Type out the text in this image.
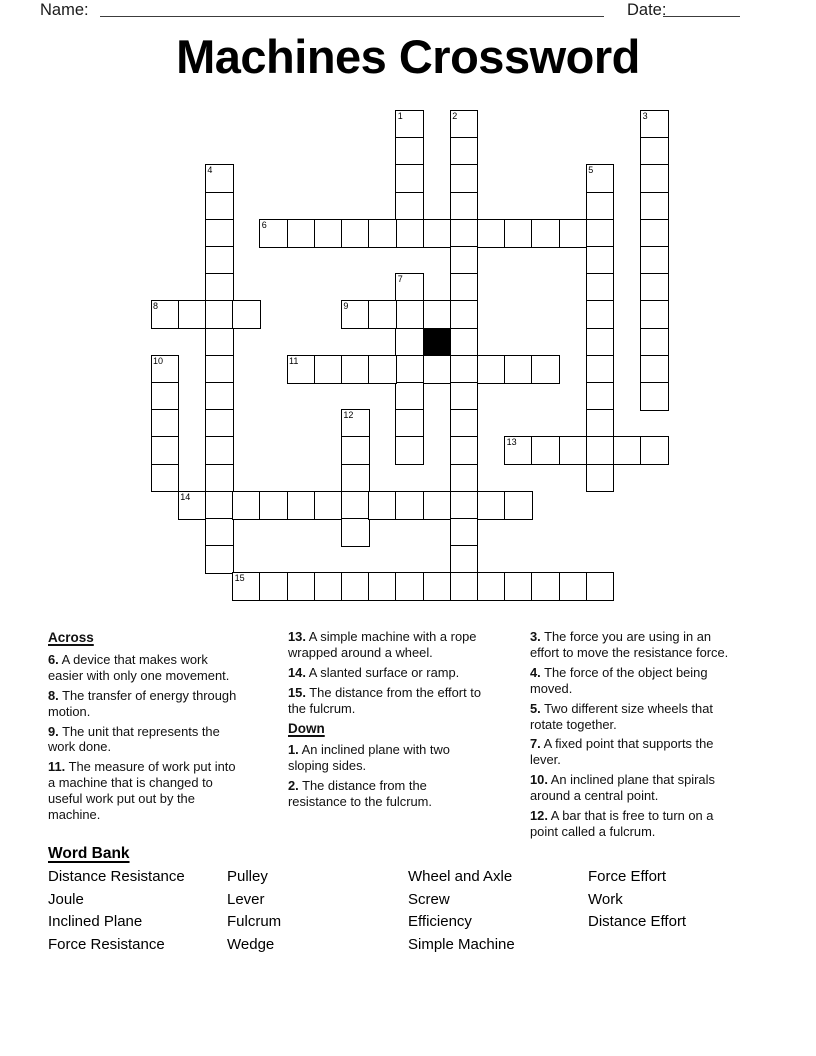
Name:	Date:
Machines Crossword
1	2	3
4	5
6
7
8	9
10	11
12
13
14
15
Across

6. A device that makes work easier with only one movement.

8. The transfer of energy through motion.

9. The unit that represents the work done.

11. The measure of work put into a machine that is changed to useful work put out by the machine.

13. A simple machine with a rope wrapped around a wheel.

14. A slanted surface or ramp.

15. The distance from the effort to the fulcrum.

Down

1. An inclined plane with two sloping sides.

2. The distance from the resistance to the fulcrum.

3. The force you are using in an effort to move the resistance force.

4. The force of the object being moved.

5. Two different size wheels that rotate together.

7. A fixed point that supports the lever.

10. An inclined plane that spirals around a central point.

12. A bar that is free to turn on a point called a fulcrum.

Word Bank
Distance Resistance
Joule
Inclined Plane
Force Resistance
Pulley
Lever
Fulcrum
Wedge
Wheel and Axle
Screw
Efficiency
Simple Machine
Force Effort
Work
Distance Effort
